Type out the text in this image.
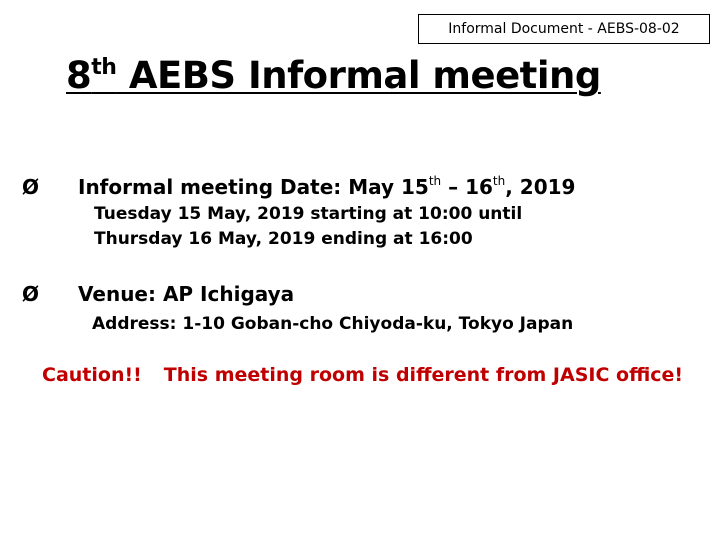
Informal Document - AEBS-08-02
8th AEBS Informal meeting
Ø	Informal meeting Date: May 15th – 16th, 2019
Tuesday 15 May, 2019 starting at 10:00 until
Thursday 16 May, 2019 ending at 16:00
Ø	Venue: AP Ichigaya
Address: 1-10 Goban-cho Chiyoda-ku, Tokyo Japan
Caution!! This meeting room is different from JASIC office!
